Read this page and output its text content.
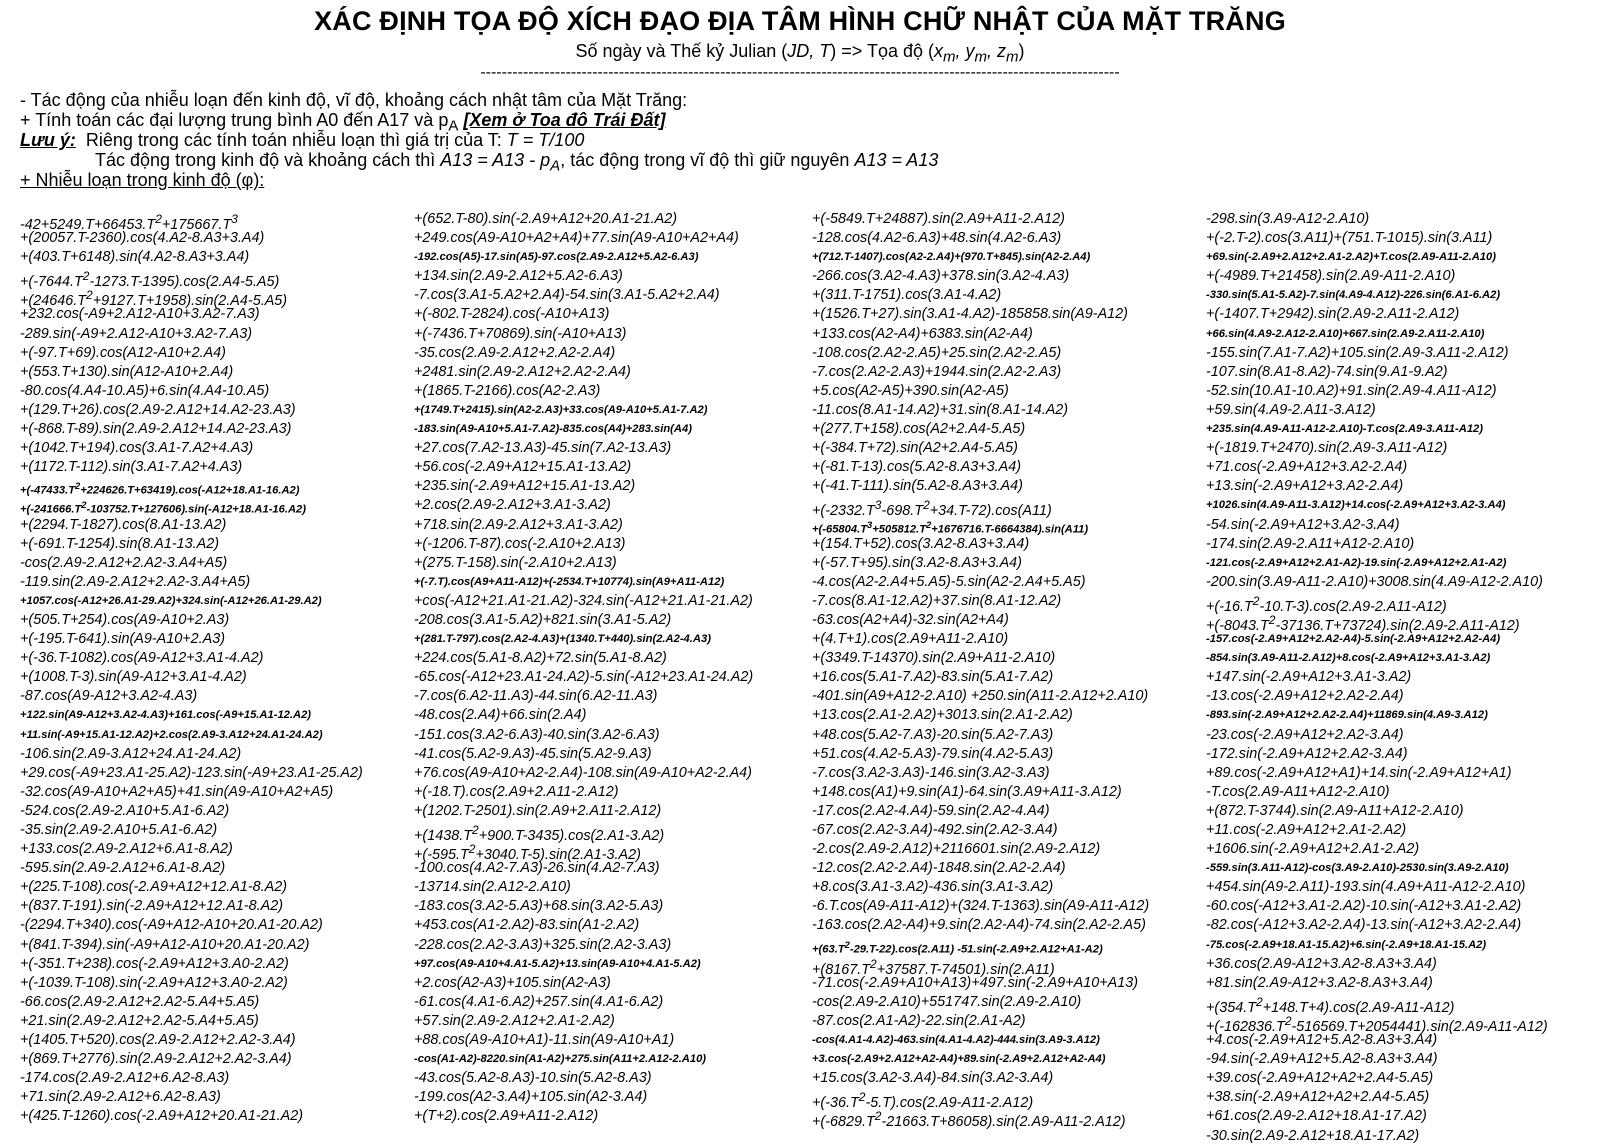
XÁC ĐỊNH TỌA ĐỘ XÍCH ĐẠO ĐỊA TÂM HÌNH CHỮ NHẬT CỦA MẶT TRĂNG
Số ngày và Thế kỷ Julian (JD, T) => Tọa độ ($x_m$, $y_m$, $z_m$)
------------------------------------------------------------------------------------------------------------------------
- Tác động của nhiễu loạn đến kinh độ, vĩ độ, khoảng cách nhật tâm của Mặt Trăng:
+ Tính toán các đại lượng trung bình A0 đến A17 và $p_A$ [Xem ở Toa đô Trái Đất]
Lưu ý:  Riêng trong các tính toán nhiễu loạn thì giá trị của T: T = T/100
Tác động trong kinh độ và khoảng cách thì $A13 = A13 - p_A$, tác động trong vĩ độ thì giữ nguyên A13 = A13
+ Nhiễu loạn trong kinh độ (φ):
$-42+5249.T+66453.T^2+175667.T^3$
+(20057.T-2360).cos(4.A2-8.A3+3.A4)
+(403.T+6148).sin(4.A2-8.A3+3.A4)
$+(-7644.T^2-1273.T-1395).\cos(2.A4-5.A5)$
$+(24646.T^2+9127.T+1958).\sin(2.A4-5.A5)$
+232.cos(-A9+2.A12-A10+3.A2-7.A3)
-289.sin(-A9+2.A12-A10+3.A2-7.A3)
+(-97.T+69).cos(A12-A10+2.A4)
+(553.T+130).sin(A12-A10+2.A4)
-80.cos(4.A4-10.A5)+6.sin(4.A4-10.A5)
+(129.T+26).cos(2.A9-2.A12+14.A2-23.A3)
+(-868.T-89).sin(2.A9-2.A12+14.A2-23.A3)
+(1042.T+194).cos(3.A1-7.A2+4.A3)
+(1172.T-112).sin(3.A1-7.A2+4.A3)
$+(-47433.T^2+224626.T+63419).\cos(-A12+18.A1-16.A2)$
$+(-241666.T^2-103752.T+127606).\sin(-A12+18.A1-16.A2)$
+(2294.T-1827).cos(8.A1-13.A2)
+(-691.T-1254).sin(8.A1-13.A2)
-cos(2.A9-2.A12+2.A2-3.A4+A5)
-119.sin(2.A9-2.A12+2.A2-3.A4+A5)
+1057.cos(-A12+26.A1-29.A2)+324.sin(-A12+26.A1-29.A2)
+(505.T+254).cos(A9-A10+2.A3)
+(-195.T-641).sin(A9-A10+2.A3)
+(-36.T-1082).cos(A9-A12+3.A1-4.A2)
+(1008.T-3).sin(A9-A12+3.A1-4.A2)
-87.cos(A9-A12+3.A2-4.A3)
+122.sin(A9-A12+3.A2-4.A3)+161.cos(-A9+15.A1-12.A2)
+11.sin(-A9+15.A1-12.A2)+2.cos(2.A9-3.A12+24.A1-24.A2)
-106.sin(2.A9-3.A12+24.A1-24.A2)
+29.cos(-A9+23.A1-25.A2)-123.sin(-A9+23.A1-25.A2)
-32.cos(A9-A10+A2+A5)+41.sin(A9-A10+A2+A5)
-524.cos(2.A9-2.A10+5.A1-6.A2)
-35.sin(2.A9-2.A10+5.A1-6.A2)
+133.cos(2.A9-2.A12+6.A1-8.A2)
-595.sin(2.A9-2.A12+6.A1-8.A2)
+(225.T-108).cos(-2.A9+A12+12.A1-8.A2)
+(837.T-191).sin(-2.A9+A12+12.A1-8.A2)
-(2294.T+340).cos(-A9+A12-A10+20.A1-20.A2)
+(841.T-394).sin(-A9+A12-A10+20.A1-20.A2)
+(-351.T+238).cos(-2.A9+A12+3.A0-2.A2)
+(-1039.T-108).sin(-2.A9+A12+3.A0-2.A2)
-66.cos(2.A9-2.A12+2.A2-5.A4+5.A5)
+21.sin(2.A9-2.A12+2.A2-5.A4+5.A5)
+(1405.T+520).cos(2.A9-2.A12+2.A2-3.A4)
+(869.T+2776).sin(2.A9-2.A12+2.A2-3.A4)
-174.cos(2.A9-2.A12+6.A2-8.A3)
+71.sin(2.A9-2.A12+6.A2-8.A3)
+(425.T-1260).cos(-2.A9+A12+20.A1-21.A2)
+(652.T-80).sin(-2.A9+A12+20.A1-21.A2)
+249.cos(A9-A10+A2+A4)+77.sin(A9-A10+A2+A4)
-192.cos(A5)-17.sin(A5)-97.cos(2.A9-2.A12+5.A2-6.A3)
+134.sin(2.A9-2.A12+5.A2-6.A3)
-7.cos(3.A1-5.A2+2.A4)-54.sin(3.A1-5.A2+2.A4)
+(-802.T-2824).cos(-A10+A13)
+(-7436.T+70869).sin(-A10+A13)
-35.cos(2.A9-2.A12+2.A2-2.A4)
+2481.sin(2.A9-2.A12+2.A2-2.A4)
+(1865.T-2166).cos(A2-2.A3)
+(1749.T+2415).sin(A2-2.A3)+33.cos(A9-A10+5.A1-7.A2)
-183.sin(A9-A10+5.A1-7.A2)-835.cos(A4)+283.sin(A4)
+27.cos(7.A2-13.A3)-45.sin(7.A2-13.A3)
+56.cos(-2.A9+A12+15.A1-13.A2)
+235.sin(-2.A9+A12+15.A1-13.A2)
+2.cos(2.A9-2.A12+3.A1-3.A2)
+718.sin(2.A9-2.A12+3.A1-3.A2)
+(-1206.T-87).cos(-2.A10+2.A13)
+(275.T-158).sin(-2.A10+2.A13)
+(-7.T).cos(A9+A11-A12)+(-2534.T+10774).sin(A9+A11-A12)
+cos(-A12+21.A1-21.A2)-324.sin(-A12+21.A1-21.A2)
-208.cos(3.A1-5.A2)+821.sin(3.A1-5.A2)
+(281.T-797).cos(2.A2-4.A3)+(1340.T+440).sin(2.A2-4.A3)
+224.cos(5.A1-8.A2)+72.sin(5.A1-8.A2)
-65.cos(-A12+23.A1-24.A2)-5.sin(-A12+23.A1-24.A2)
-7.cos(6.A2-11.A3)-44.sin(6.A2-11.A3)
-48.cos(2.A4)+66.sin(2.A4)
-151.cos(3.A2-6.A3)-40.sin(3.A2-6.A3)
-41.cos(5.A2-9.A3)-45.sin(5.A2-9.A3)
+76.cos(A9-A10+A2-2.A4)-108.sin(A9-A10+A2-2.A4)
+(-18.T).cos(2.A9+2.A11-2.A12)
+(1202.T-2501).sin(2.A9+2.A11-2.A12)
$+(1438.T^2+900.T-3435).\cos(2.A1-3.A2)$
$+(-595.T^2+3040.T-5).\sin(2.A1-3.A2)$
-100.cos(4.A2-7.A3)-26.sin(4.A2-7.A3)
-13714.sin(2.A12-2.A10)
-183.cos(3.A2-5.A3)+68.sin(3.A2-5.A3)
+453.cos(A1-2.A2)-83.sin(A1-2.A2)
-228.cos(2.A2-3.A3)+325.sin(2.A2-3.A3)
+97.cos(A9-A10+4.A1-5.A2)+13.sin(A9-A10+4.A1-5.A2)
+2.cos(A2-A3)+105.sin(A2-A3)
-61.cos(4.A1-6.A2)+257.sin(4.A1-6.A2)
+57.sin(2.A9-2.A12+2.A1-2.A2)
+88.cos(A9-A10+A1)-11.sin(A9-A10+A1)
-cos(A1-A2)-8220.sin(A1-A2)+275.sin(A11+2.A12-2.A10)
-43.cos(5.A2-8.A3)-10.sin(5.A2-8.A3)
-199.cos(A2-3.A4)+105.sin(A2-3.A4)
+(T+2).cos(2.A9+A11-2.A12)
+(-5849.T+24887).sin(2.A9+A11-2.A12)
-128.cos(4.A2-6.A3)+48.sin(4.A2-6.A3)
+(712.T-1407).cos(A2-2.A4)+(970.T+845).sin(A2-2.A4)
-266.cos(3.A2-4.A3)+378.sin(3.A2-4.A3)
+(311.T-1751).cos(3.A1-4.A2)
+(1526.T+27).sin(3.A1-4.A2)-185858.sin(A9-A12)
+133.cos(A2-A4)+6383.sin(A2-A4)
-108.cos(2.A2-2.A5)+25.sin(2.A2-2.A5)
-7.cos(2.A2-2.A3)+1944.sin(2.A2-2.A3)
+5.cos(A2-A5)+390.sin(A2-A5)
-11.cos(8.A1-14.A2)+31.sin(8.A1-14.A2)
+(277.T+158).cos(A2+2.A4-5.A5)
+(-384.T+72).sin(A2+2.A4-5.A5)
+(-81.T-13).cos(5.A2-8.A3+3.A4)
+(-41.T-111).sin(5.A2-8.A3+3.A4)
$+(-2332.T^3-698.T^2+34.T-72).\cos(A11)$
$+(-65804.T^3+505812.T^2+1676716.T-6664384).\sin(A11)$
+(154.T+52).cos(3.A2-8.A3+3.A4)
+(-57.T+95).sin(3.A2-8.A3+3.A4)
-4.cos(A2-2.A4+5.A5)-5.sin(A2-2.A4+5.A5)
-7.cos(8.A1-12.A2)+37.sin(8.A1-12.A2)
-63.cos(A2+A4)-32.sin(A2+A4)
+(4.T+1).cos(2.A9+A11-2.A10)
+(3349.T-14370).sin(2.A9+A11-2.A10)
+16.cos(5.A1-7.A2)-83.sin(5.A1-7.A2)
-401.sin(A9+A12-2.A10) +250.sin(A11-2.A12+2.A10)
+13.cos(2.A1-2.A2)+3013.sin(2.A1-2.A2)
+48.cos(5.A2-7.A3)-20.sin(5.A2-7.A3)
+51.cos(4.A2-5.A3)-79.sin(4.A2-5.A3)
-7.cos(3.A2-3.A3)-146.sin(3.A2-3.A3)
+148.cos(A1)+9.sin(A1)-64.sin(3.A9+A11-3.A12)
-17.cos(2.A2-4.A4)-59.sin(2.A2-4.A4)
-67.cos(2.A2-3.A4)-492.sin(2.A2-3.A4)
-2.cos(2.A9-2.A12)+2116601.sin(2.A9-2.A12)
-12.cos(2.A2-2.A4)-1848.sin(2.A2-2.A4)
+8.cos(3.A1-3.A2)-436.sin(3.A1-3.A2)
-6.T.cos(A9-A11-A12)+(324.T-1363).sin(A9-A11-A12)
-163.cos(2.A2-A4)+9.sin(2.A2-A4)-74.sin(2.A2-2.A5)
$+(63.T^2-29.T-22).\cos(2.A11)$ -51.sin(-2.A9+2.A12+A1-A2)
$+(8167.T^2+37587.T-74501).\sin(2.A11)$
-71.cos(-2.A9+A10+A13)+497.sin(-2.A9+A10+A13)
-cos(2.A9-2.A10)+551747.sin(2.A9-2.A10)
-87.cos(2.A1-A2)-22.sin(2.A1-A2)
-cos(4.A1-4.A2)-463.sin(4.A1-4.A2)-444.sin(3.A9-3.A12)
+3.cos(-2.A9+2.A12+A2-A4)+89.sin(-2.A9+2.A12+A2-A4)
+15.cos(3.A2-3.A4)-84.sin(3.A2-3.A4)
$+(-36.T^2-5.T).\cos(2.A9-A11-2.A12)$
$+(-6829.T^2-21663.T+86058).\sin(2.A9-A11-2.A12)$
-298.sin(3.A9-A12-2.A10)
+(-2.T-2).cos(3.A11)+(751.T-1015).sin(3.A11)
+69.sin(-2.A9+2.A12+2.A1-2.A2)+T.cos(2.A9-A11-2.A10)
+(-4989.T+21458).sin(2.A9-A11-2.A10)
-330.sin(5.A1-5.A2)-7.sin(4.A9-4.A12)-226.sin(6.A1-6.A2)
+(-1407.T+2942).sin(2.A9-2.A11-2.A12)
+66.sin(4.A9-2.A12-2.A10)+667.sin(2.A9-2.A11-2.A10)
-155.sin(7.A1-7.A2)+105.sin(2.A9-3.A11-2.A12)
-107.sin(8.A1-8.A2)-74.sin(9.A1-9.A2)
-52.sin(10.A1-10.A2)+91.sin(2.A9-4.A11-A12)
+59.sin(4.A9-2.A11-3.A12)
+235.sin(4.A9-A11-A12-2.A10)-T.cos(2.A9-3.A11-A12)
+(-1819.T+2470).sin(2.A9-3.A11-A12)
+71.cos(-2.A9+A12+3.A2-2.A4)
+13.sin(-2.A9+A12+3.A2-2.A4)
+1026.sin(4.A9-A11-3.A12)+14.cos(-2.A9+A12+3.A2-3.A4)
-54.sin(-2.A9+A12+3.A2-3.A4)
-174.sin(2.A9-2.A11+A12-2.A10)
-121.cos(-2.A9+A12+2.A1-A2)-19.sin(-2.A9+A12+2.A1-A2)
-200.sin(3.A9-A11-2.A10)+3008.sin(4.A9-A12-2.A10)
$+(-16.T^2-10.T-3).\cos(2.A9-2.A11-A12)$
$+(-8043.T^2-37136.T+73724).\sin(2.A9-2.A11-A12)$
-157.cos(-2.A9+A12+2.A2-A4)-5.sin(-2.A9+A12+2.A2-A4)
-854.sin(3.A9-A11-2.A12)+8.cos(-2.A9+A12+3.A1-3.A2)
+147.sin(-2.A9+A12+3.A1-3.A2)
-13.cos(-2.A9+A12+2.A2-2.A4)
-893.sin(-2.A9+A12+2.A2-2.A4)+11869.sin(4.A9-3.A12)
-23.cos(-2.A9+A12+2.A2-3.A4)
-172.sin(-2.A9+A12+2.A2-3.A4)
+89.cos(-2.A9+A12+A1)+14.sin(-2.A9+A12+A1)
-T.cos(2.A9-A11+A12-2.A10)
+(872.T-3744).sin(2.A9-A11+A12-2.A10)
+11.cos(-2.A9+A12+2.A1-2.A2)
+1606.sin(-2.A9+A12+2.A1-2.A2)
-559.sin(3.A11-A12)-cos(3.A9-2.A10)-2530.sin(3.A9-2.A10)
+454.sin(A9-2.A11)-193.sin(4.A9+A11-A12-2.A10)
-60.cos(-A12+3.A1-2.A2)-10.sin(-A12+3.A1-2.A2)
-82.cos(-A12+3.A2-2.A4)-13.sin(-A12+3.A2-2.A4)
-75.cos(-2.A9+18.A1-15.A2)+6.sin(-2.A9+18.A1-15.A2)
+36.cos(2.A9-A12+3.A2-8.A3+3.A4)
+81.sin(2.A9-A12+3.A2-8.A3+3.A4)
$+(354.T^2+148.T+4).\cos(2.A9-A11-A12)$
$+(-162836.T^2-516569.T+2054441).\sin(2.A9-A11-A12)$
+4.cos(-2.A9+A12+5.A2-8.A3+3.A4)
-94.sin(-2.A9+A12+5.A2-8.A3+3.A4)
+39.cos(-2.A9+A12+A2+2.A4-5.A5)
+38.sin(-2.A9+A12+A2+2.A4-5.A5)
+61.cos(2.A9-2.A12+18.A1-17.A2)
-30.sin(2.A9-2.A12+18.A1-17.A2)
